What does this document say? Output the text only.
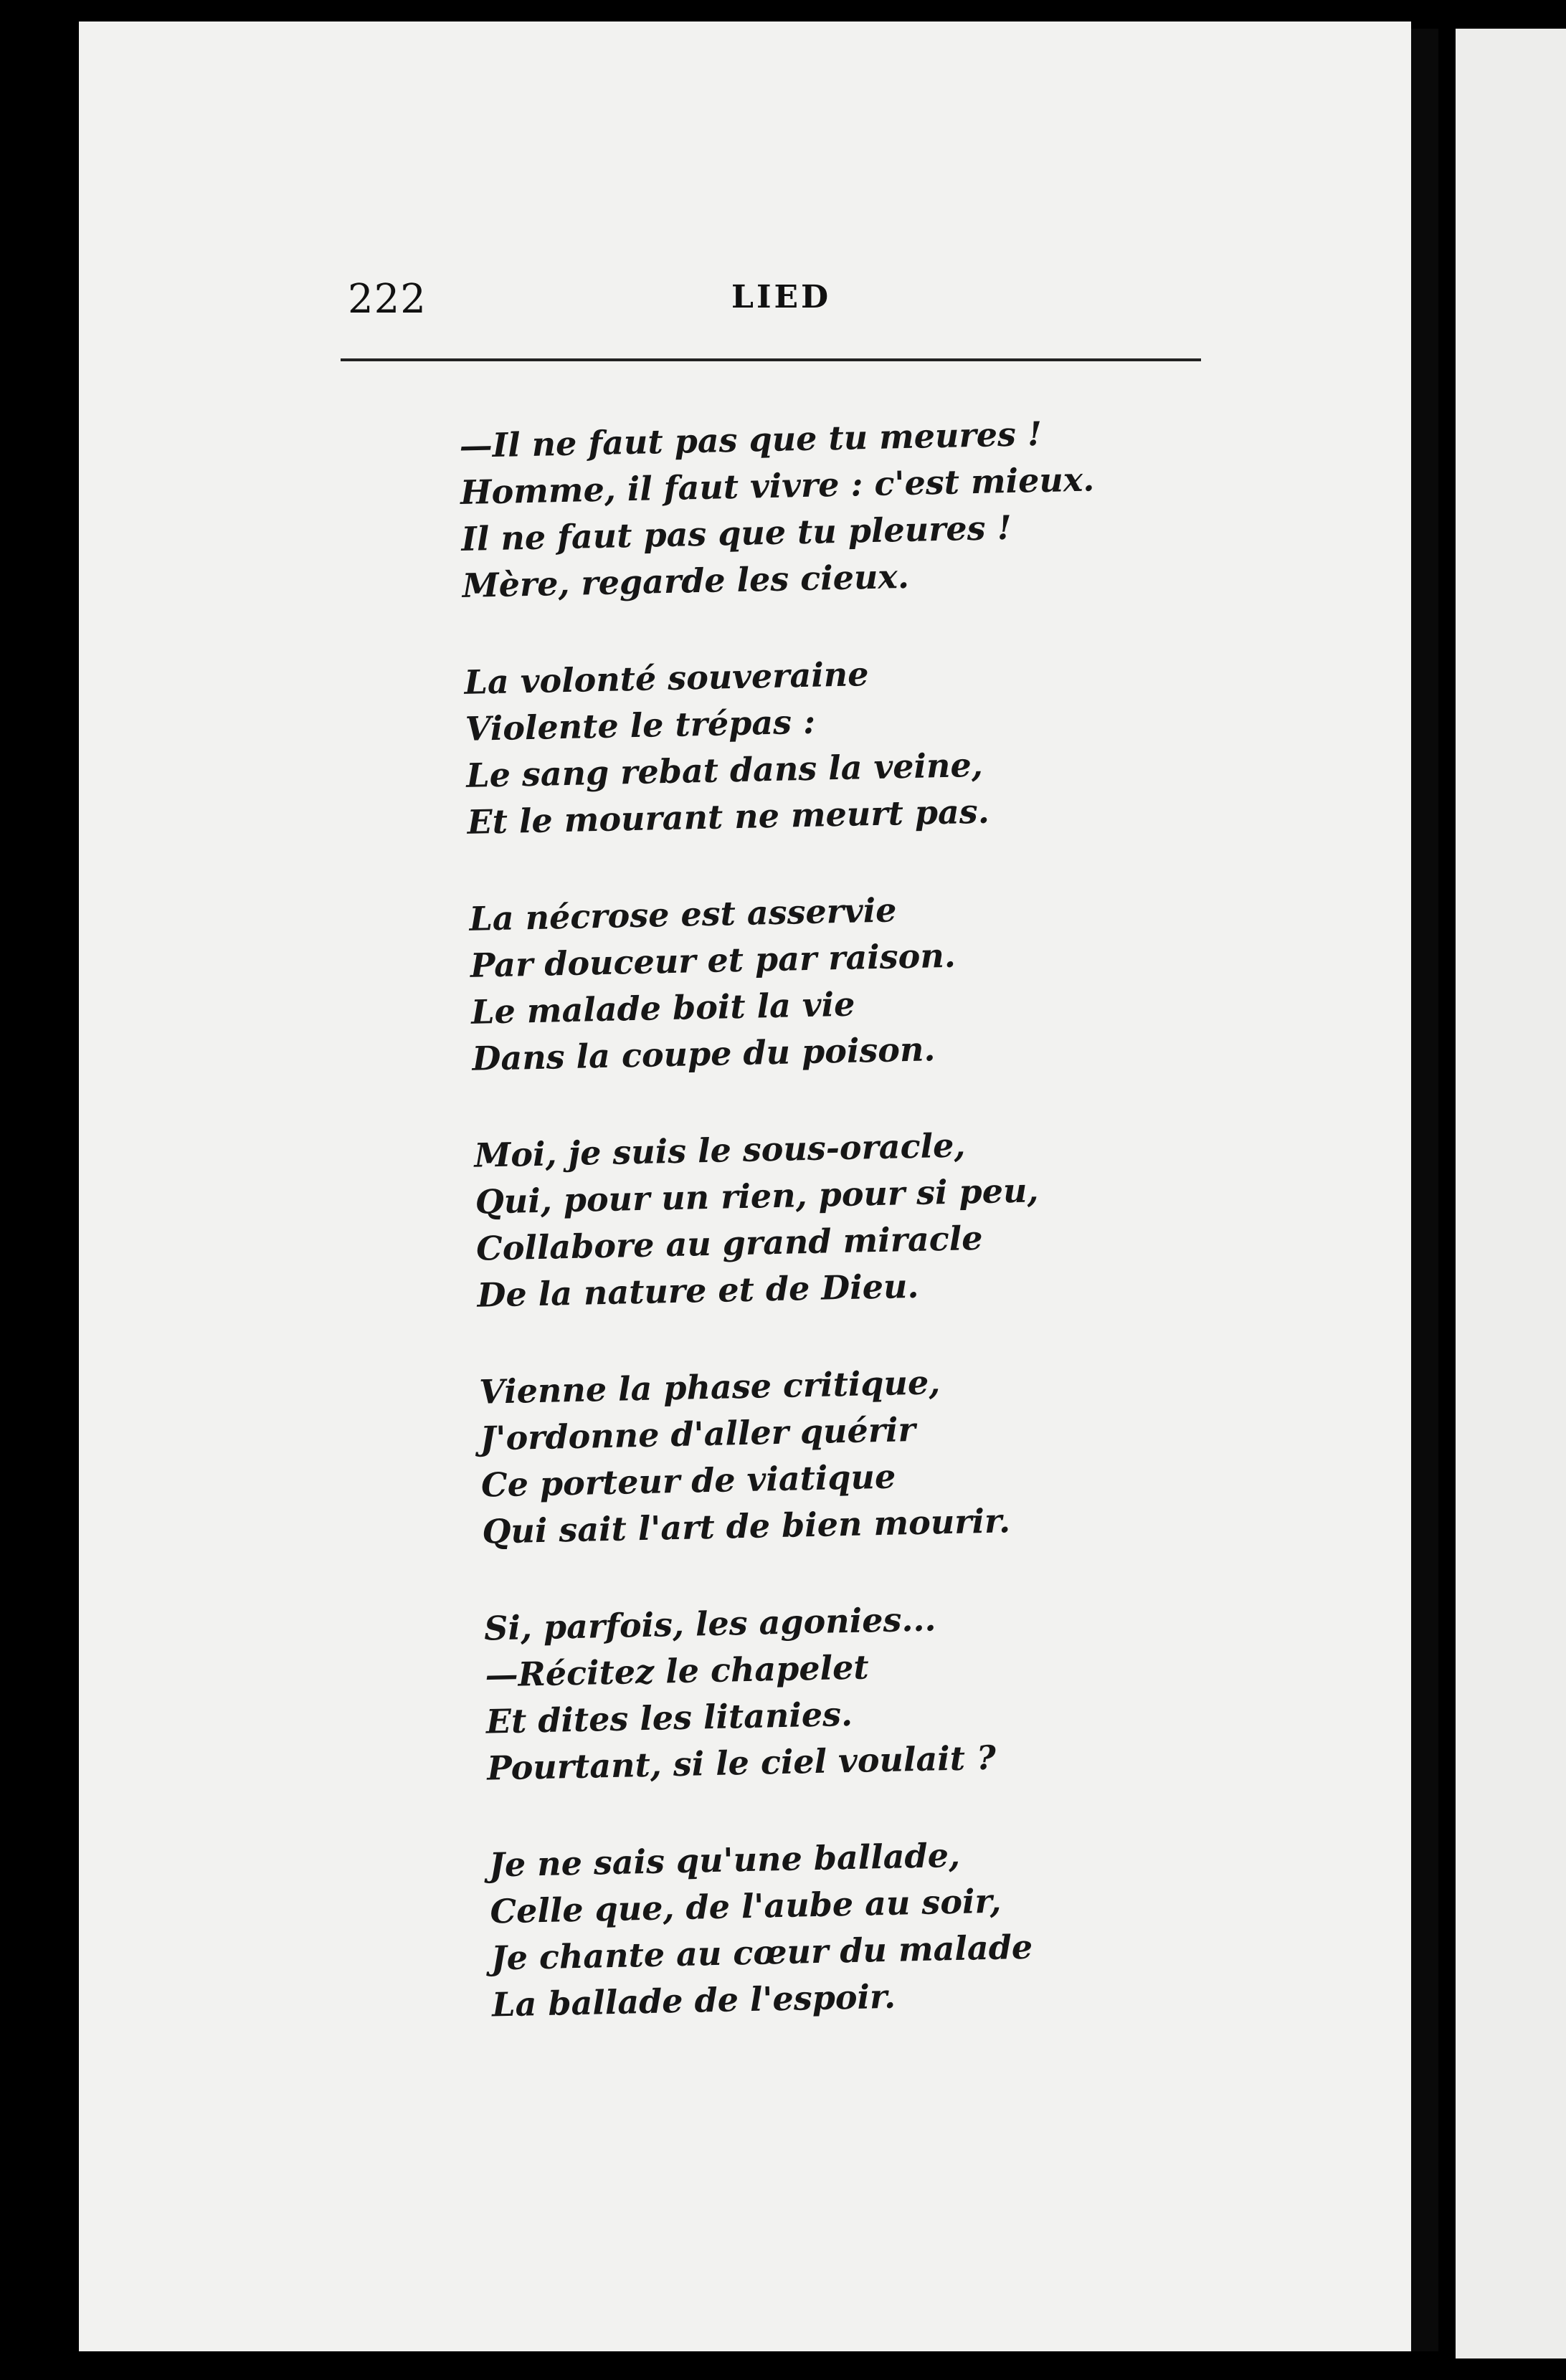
222	LIED
—Il ne faut pas que tu meures !
Homme, il faut vivre : c'est mieux.
Il ne faut pas que tu pleures !
Mère, regarde les cieux.
La volonté souveraine
Violente le trépas :
Le sang rebat dans la veine,
Et le mourant ne meurt pas.
La nécrose est asservie
Par douceur et par raison.
Le malade boit la vie
Dans la coupe du poison.
Moi, je suis le sous-oracle,
Qui, pour un rien, pour si peu,
Collabore au grand miracle
De la nature et de Dieu.
Vienne la phase critique,
J'ordonne d'aller quérir
Ce porteur de viatique
Qui sait l'art de bien mourir.
Si, parfois, les agonies...
—Récitez le chapelet
Et dites les litanies.
Pourtant, si le ciel voulait ?
Je ne sais qu'une ballade,
Celle que, de l'aube au soir,
Je chante au cœur du malade
La ballade de l'espoir.
